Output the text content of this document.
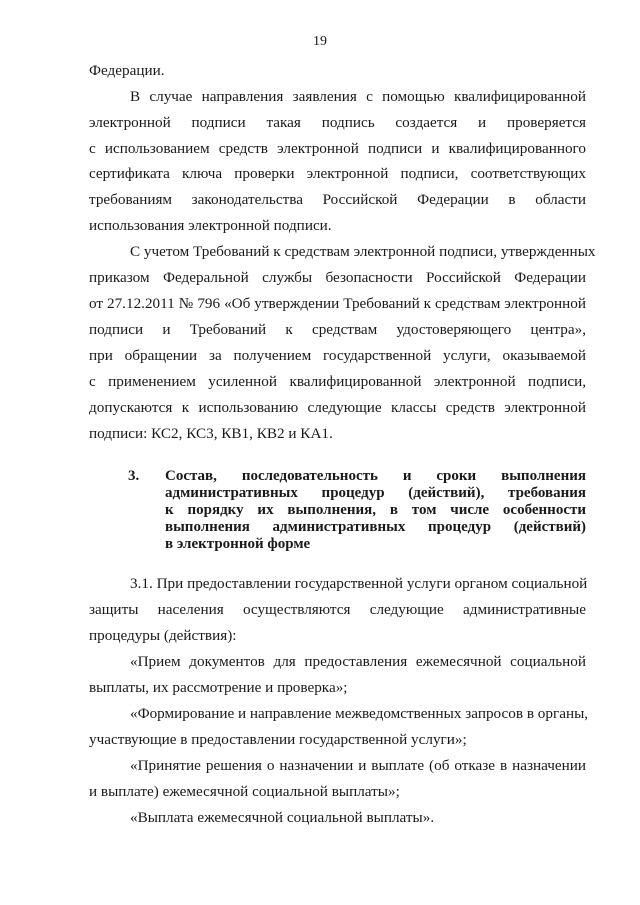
19
Федерации.
В случае направления заявления с помощью квалифицированной
электронной подписи такая подпись создается и проверяется
с использованием средств электронной подписи и квалифицированного
сертификата ключа проверки электронной подписи, соответствующих
требованиям законодательства Российской Федерации в области
использования электронной подписи.
С учетом Требований к средствам электронной подписи, утвержденных
приказом Федеральной службы безопасности Российской Федерации
от 27.12.2011 № 796 «Об утверждении Требований к средствам электронной
подписи и Требований к средствам удостоверяющего центра»,
при обращении за получением государственной услуги, оказываемой
с применением усиленной квалифицированной электронной подписи,
допускаются к использованию следующие классы средств электронной
подписи: КС2, КС3, КВ1, КВ2 и КА1.
3. Состав, последовательность и сроки выполнения
административных процедур (действий), требования
к порядку их выполнения, в том числе особенности
выполнения административных процедур (действий)
в электронной форме
3.1. При предоставлении государственной услуги органом социальной
защиты населения осуществляются следующие административные
процедуры (действия):
«Прием документов для предоставления ежемесячной социальной
выплаты, их рассмотрение и проверка»;
«Формирование и направление межведомственных запросов в органы,
участвующие в предоставлении государственной услуги»;
«Принятие решения о назначении и выплате (об отказе в назначении
и выплате) ежемесячной социальной выплаты»;
«Выплата ежемесячной социальной выплаты».
